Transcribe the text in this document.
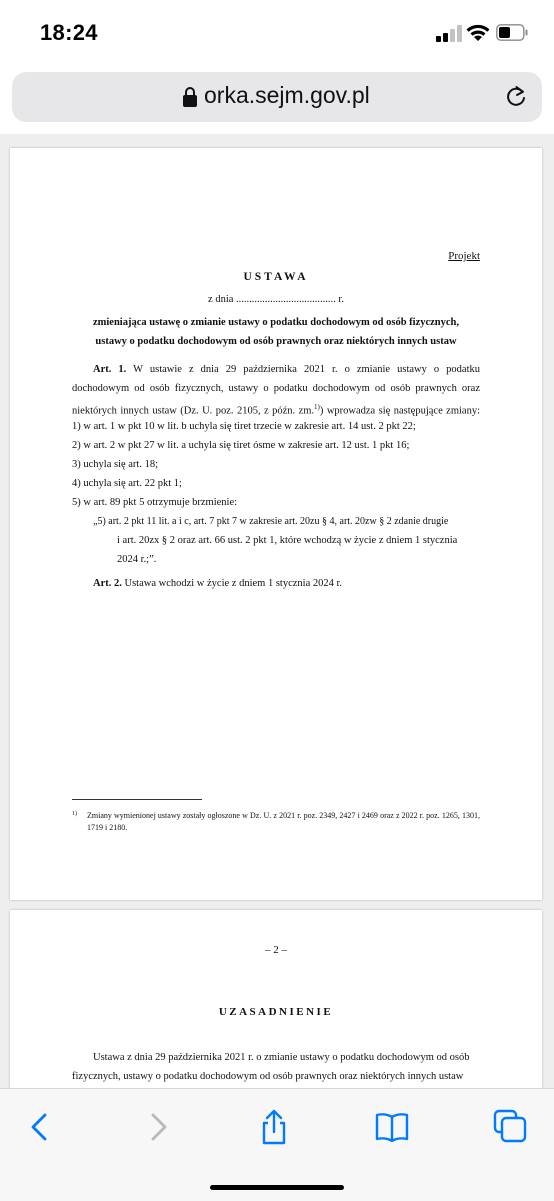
18:24
orka.sejm.gov.pl
Projekt
USTAWA
z dnia ...................................... r.
zmieniająca ustawę o zmianie ustawy o podatku dochodowym od osób fizycznych,
ustawy o podatku dochodowym od osób prawnych oraz niektórych innych ustaw
Art. 1. W ustawie z dnia 29 października 2021 r. o zmianie ustawy o podatku
dochodowym od osób fizycznych, ustawy o podatku dochodowym od osób prawnych oraz
niektórych innych ustaw (Dz. U. poz. 2105, z późn. zm.$^{1)}$) wprowadza się następujące zmiany:
1) w art. 1 w pkt 10 w lit. b uchyla się tiret trzecie w zakresie art. 14 ust. 2 pkt 22;
2) w art. 2 w pkt 27 w lit. a uchyla się tiret ósme w zakresie art. 12 ust. 1 pkt 16;
3) uchyla się art. 18;
4) uchyla się art. 22 pkt 1;
5) w art. 89 pkt 5 otrzymuje brzmienie:
„5) art. 2 pkt 11 lit. a i c, art. 7 pkt 7 w zakresie art. 20zu § 4, art. 20zw § 2 zdanie drugie
i art. 20zx § 2 oraz art. 66 ust. 2 pkt 1, które wchodzą w życie z dniem 1 stycznia
2024 r.;”.
Art. 2. Ustawa wchodzi w życie z dniem 1 stycznia 2024 r.
1)	Zmiany wymienionej ustawy zostały ogłoszone w Dz. U. z 2021 r. poz. 2349, 2427 i 2469 oraz z 2022 r. poz. 1265, 1301, 1719 i 2180.
– 2 –
UZASADNIENIE
Ustawa z dnia 29 października 2021 r. o zmianie ustawy o podatku dochodowym od osób
fizycznych, ustawy o podatku dochodowym od osób prawnych oraz niektórych innych ustaw
